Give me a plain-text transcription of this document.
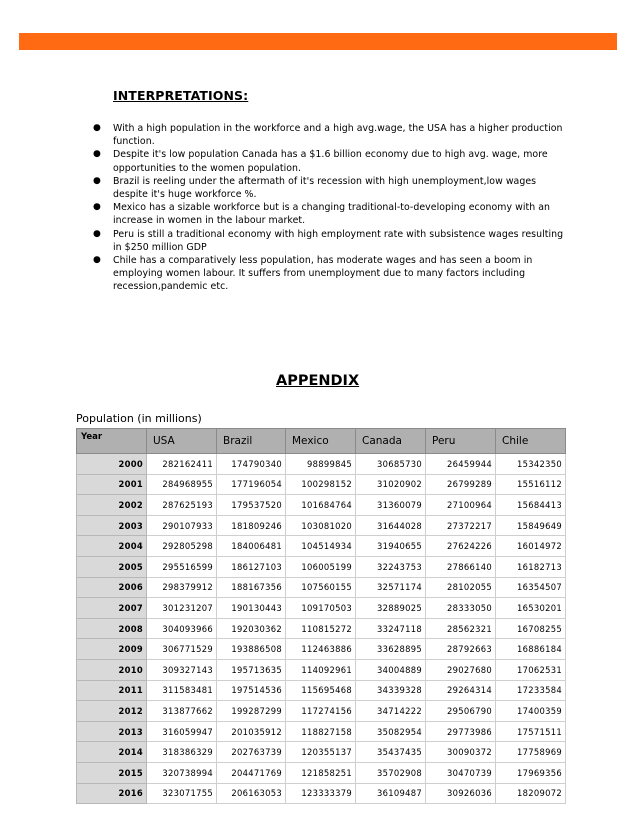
INTERPRETATIONS:
● With a high population in the workforce and a high avg.wage, the USA has a higher production function.
● Despite it's low population Canada has a $1.6 billion economy due to high avg. wage, more opportunities to the women population.
● Brazil is reeling under the aftermath of it's recession with high unemployment,low wages despite it's huge workforce %.
● Mexico has a sizable workforce but is a changing traditional-to-developing economy with an increase in women in the labour market.
● Peru is still a traditional economy with high employment rate with subsistence wages resulting in $250 million GDP
● Chile has a comparatively less population, has moderate wages and has seen a boom in employing women labour. It suffers from unemployment due to many factors including recession,pandemic etc.
APPENDIX
Population (in millions)
Year	USA	Brazil	Mexico	Canada	Peru	Chile
2000	282162411	174790340	98899845	30685730	26459944	15342350
2001	284968955	177196054	100298152	31020902	26799289	15516112
2002	287625193	179537520	101684764	31360079	27100964	15684413
2003	290107933	181809246	103081020	31644028	27372217	15849649
2004	292805298	184006481	104514934	31940655	27624226	16014972
2005	295516599	186127103	106005199	32243753	27866140	16182713
2006	298379912	188167356	107560155	32571174	28102055	16354507
2007	301231207	190130443	109170503	32889025	28333050	16530201
2008	304093966	192030362	110815272	33247118	28562321	16708255
2009	306771529	193886508	112463886	33628895	28792663	16886184
2010	309327143	195713635	114092961	34004889	29027680	17062531
2011	311583481	197514536	115695468	34339328	29264314	17233584
2012	313877662	199287299	117274156	34714222	29506790	17400359
2013	316059947	201035912	118827158	35082954	29773986	17571511
2014	318386329	202763739	120355137	35437435	30090372	17758969
2015	320738994	204471769	121858251	35702908	30470739	17969356
2016	323071755	206163053	123333379	36109487	30926036	18209072
